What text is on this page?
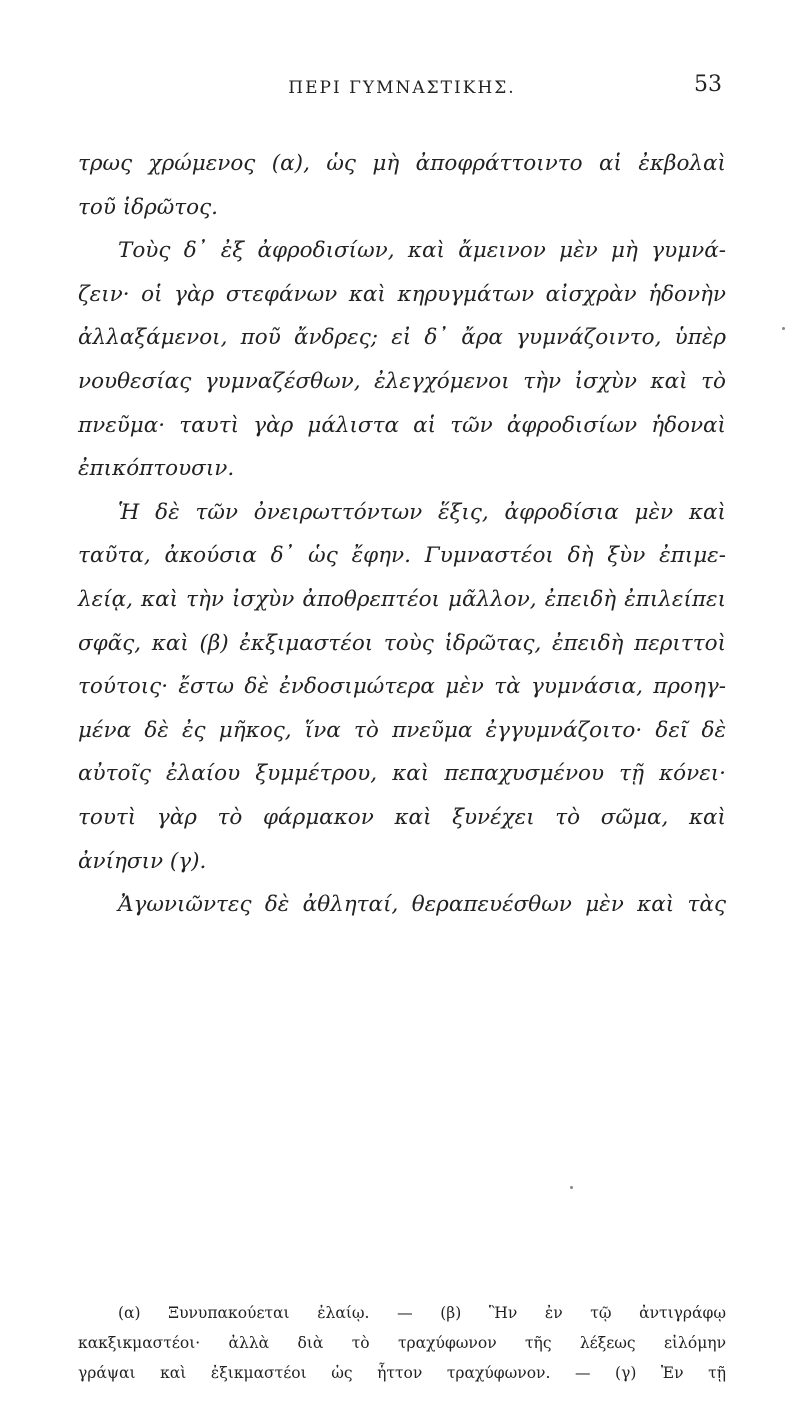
ΠΕΡΙ ΓΥΜΝΑΣΤΙΚΗΣ.	53
τρως χρώμενος (α), ὡς μὴ ἀποφράττοιντο αἱ ἐκβολαὶ
τοῦ ἱδρῶτος.
Τοὺς δ᾽ ἐξ ἀφροδισίων, καὶ ἄμεινον μὲν μὴ γυμνά-
ζειν· οἱ γὰρ στεφάνων καὶ κηρυγμάτων αἰσχρὰν ἡδονὴν
ἀλλαξάμενοι, ποῦ ἄνδρες; εἰ δ᾽ ἄρα γυμνάζοιντο, ὑπὲρ
νουθεσίας γυμναζέσθων, ἐλεγχόμενοι τὴν ἰσχὺν καὶ τὸ
πνεῦμα· ταυτὶ γὰρ μάλιστα αἱ τῶν ἀφροδισίων ἡδοναὶ
ἐπικόπτουσιν.
Ἡ δὲ τῶν ὀνειρωττόντων ἕξις, ἀφροδίσια μὲν καὶ
ταῦτα, ἀκούσια δ᾽ ὡς ἔφην. Γυμναστέοι δὴ ξὺν ἐπιμε-
λείᾳ, καὶ τὴν ἰσχὺν ἀποθρεπτέοι μᾶλλον, ἐπειδὴ ἐπιλείπει
σφᾶς, καὶ (β) ἐκξιμαστέοι τοὺς ἱδρῶτας, ἐπειδὴ περιττοὶ
τούτοις· ἔστω δὲ ἐνδοσιμώτερα μὲν τὰ γυμνάσια, προηγ-
μένα δὲ ἐς μῆκος, ἵνα τὸ πνεῦμα ἐγγυμνάζοιτο· δεῖ δὲ
αὐτοῖς ἐλαίου ξυμμέτρου, καὶ πεπαχυσμένου τῇ κόνει·
τουτὶ γὰρ τὸ φάρμακον καὶ ξυνέχει τὸ σῶμα, καὶ
ἀνίησιν (γ).
Ἀγωνιῶντες δὲ ἀθληταί, θεραπευέσθων μὲν καὶ τὰς
(α) Ξυνυπακούεται ἐλαίῳ. — (β) Ἣν ἐν τῷ ἀντιγράφῳ
κακξικμαστέοι· ἀλλὰ διὰ τὸ τραχύφωνον τῆς λέξεως εἰλόμην
γράψαι καὶ ἐξικμαστέοι ὡς ἧττον τραχύφωνον. — (γ) Ἐν τῇ
